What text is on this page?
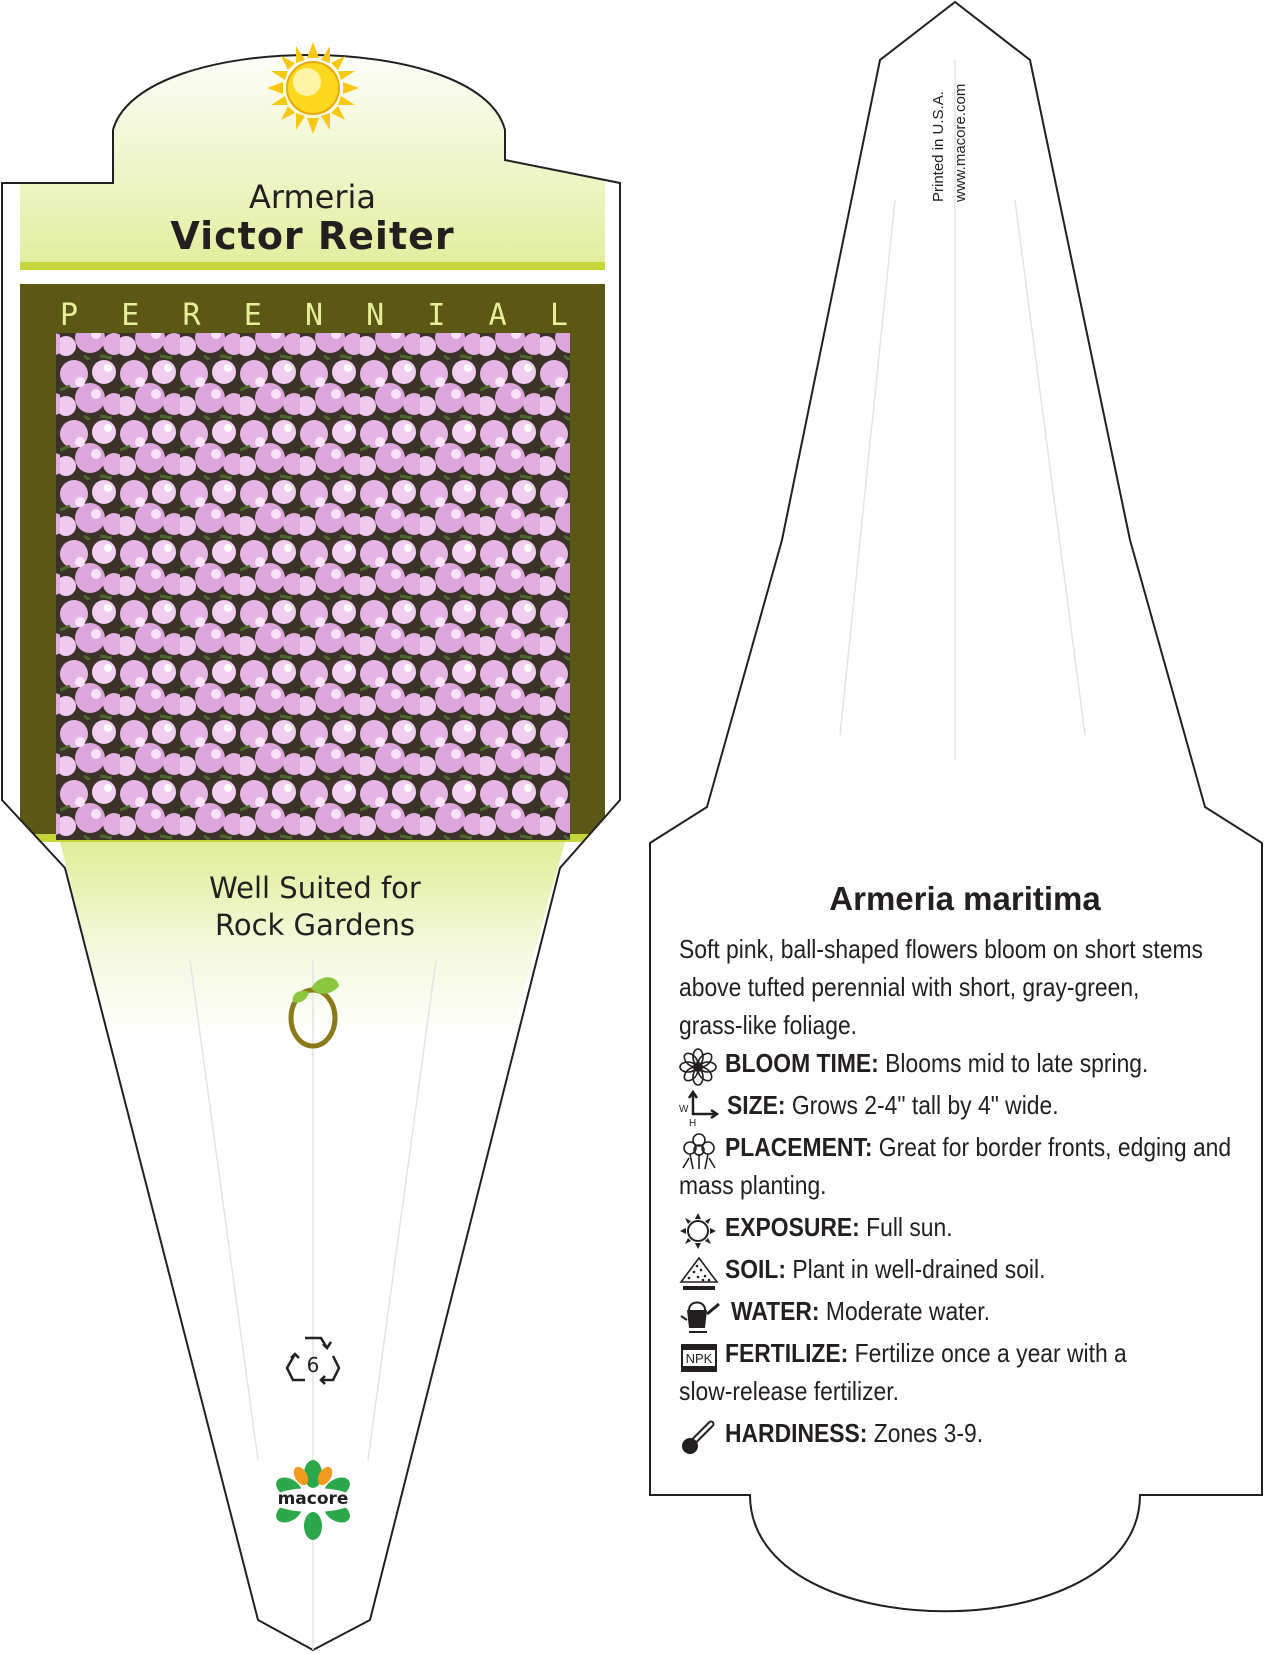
Armeria
Victor Reiter
P E R E N N I A L
Well Suited for
Rock Gardens
6
macore
Printed in U.S.A. www.macore.com
Armeria maritima
Soft pink, ball-shaped flowers bloom on short stems
above tufted perennial with short, gray-green,
grass-like foliage.
BLOOM TIME: Blooms mid to late spring.
W
H
SIZE: Grows 2-4" tall by 4" wide.
PLACEMENT: Great for border fronts, edging and
mass planting.
EXPOSURE: Full sun.
SOIL: Plant in well-drained soil.
WATER: Moderate water.
NPK FERTILIZE: Fertilize once a year with a
slow-release fertilizer.
HARDINESS: Zones 3-9.
